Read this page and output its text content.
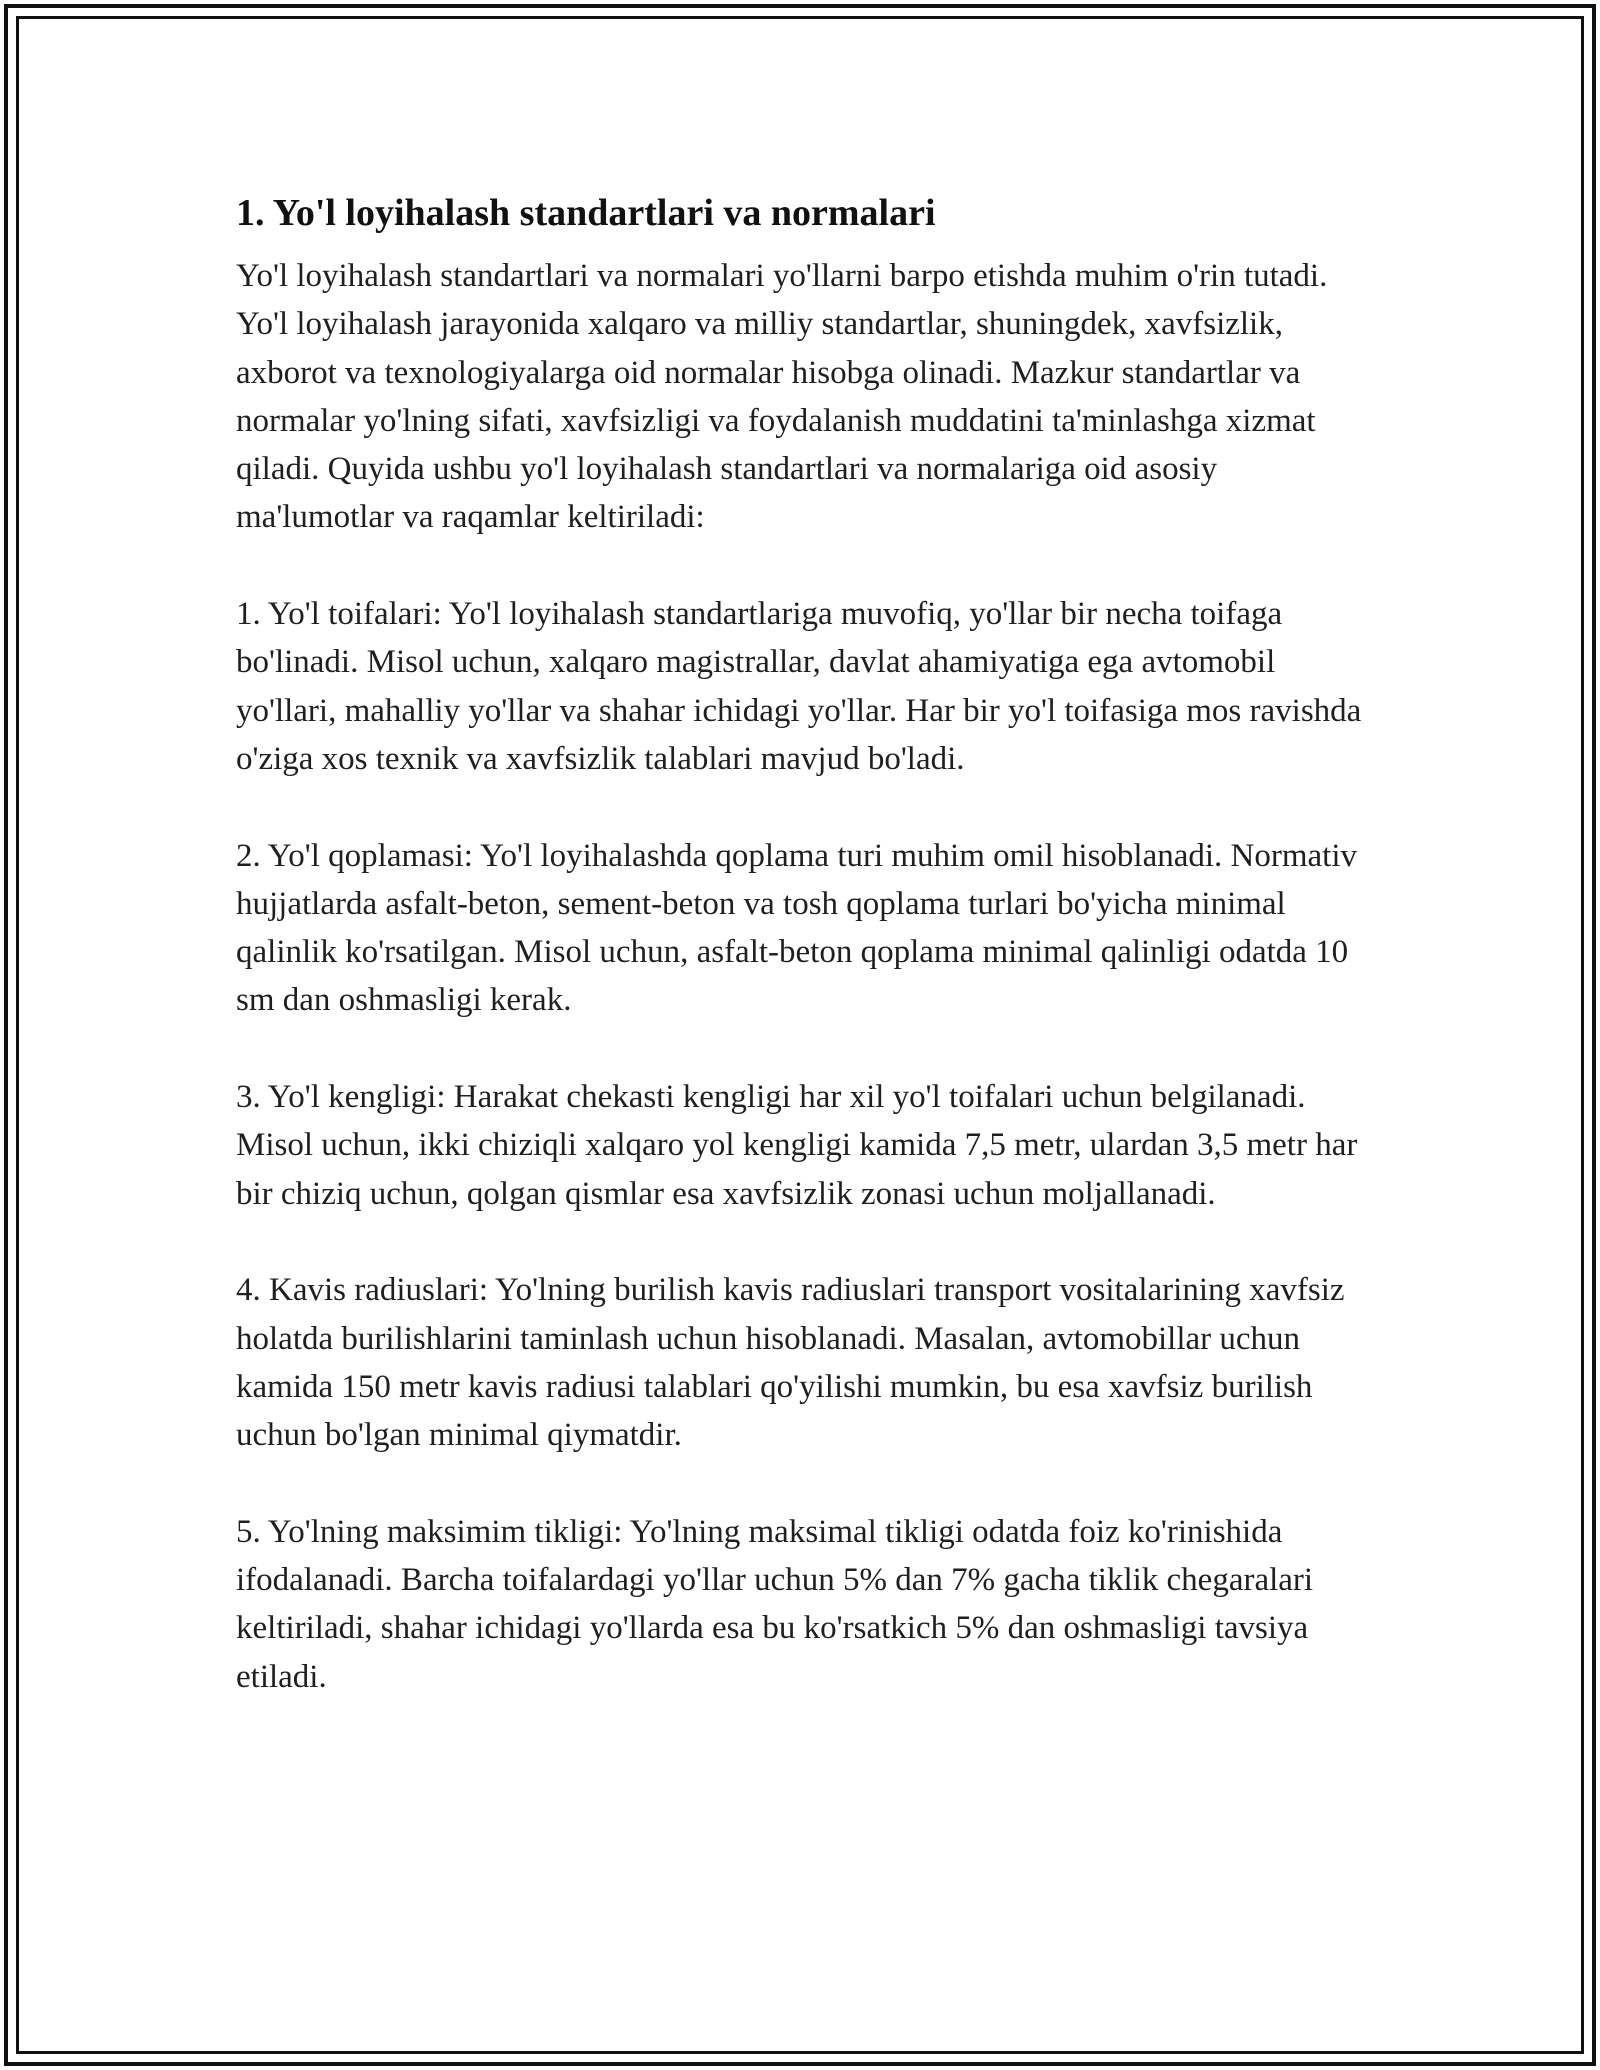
1. Yo'l loyihalash standartlari va normalari

Yo'l loyihalash standartlari va normalari yo'llarni barpo etishda muhim o'rin tutadi. Yo'l loyihalash jarayonida xalqaro va milliy standartlar, shuningdek, xavfsizlik, axborot va texnologiyalarga oid normalar hisobga olinadi. Mazkur standartlar va normalar yo'lning sifati, xavfsizligi va foydalanish muddatini ta'minlashga xizmat qiladi. Quyida ushbu yo'l loyihalash standartlari va normalariga oid asosiy ma'lumotlar va raqamlar keltiriladi:

1. Yo'l toifalari: Yo'l loyihalash standartlariga muvofiq, yo'llar bir necha toifaga bo'linadi. Misol uchun, xalqaro magistrallar, davlat ahamiyatiga ega avtomobil yo'llari, mahalliy yo'llar va shahar ichidagi yo'llar. Har bir yo'l toifasiga mos ravishda o'ziga xos texnik va xavfsizlik talablari mavjud bo'ladi.

2. Yo'l qoplamasi: Yo'l loyihalashda qoplama turi muhim omil hisoblanadi. Normativ hujjatlarda asfalt-beton, sement-beton va tosh qoplama turlari bo'yicha minimal qalinlik ko'rsatilgan. Misol uchun, asfalt-beton qoplama minimal qalinligi odatda 10 sm dan oshmasligi kerak.

3. Yo'l kengligi: Harakat chekasti kengligi har xil yo'l toifalari uchun belgilanadi. Misol uchun, ikki chiziqli xalqaro yol kengligi kamida 7,5 metr, ulardan 3,5 metr har bir chiziq uchun, qolgan qismlar esa xavfsizlik zonasi uchun moljallanadi.

4. Kavis radiuslari: Yo'lning burilish kavis radiuslari transport vositalarining xavfsiz holatda burilishlarini taminlash uchun hisoblanadi. Masalan, avtomobillar uchun kamida 150 metr kavis radiusi talablari qo'yilishi mumkin, bu esa xavfsiz burilish uchun bo'lgan minimal qiymatdir.

5. Yo'lning maksimim tikligi: Yo'lning maksimal tikligi odatda foiz ko'rinishida ifodalanadi. Barcha toifalardagi yo'llar uchun 5% dan 7% gacha tiklik chegaralari keltiriladi, shahar ichidagi yo'llarda esa bu ko'rsatkich 5% dan oshmasligi tavsiya etiladi.
